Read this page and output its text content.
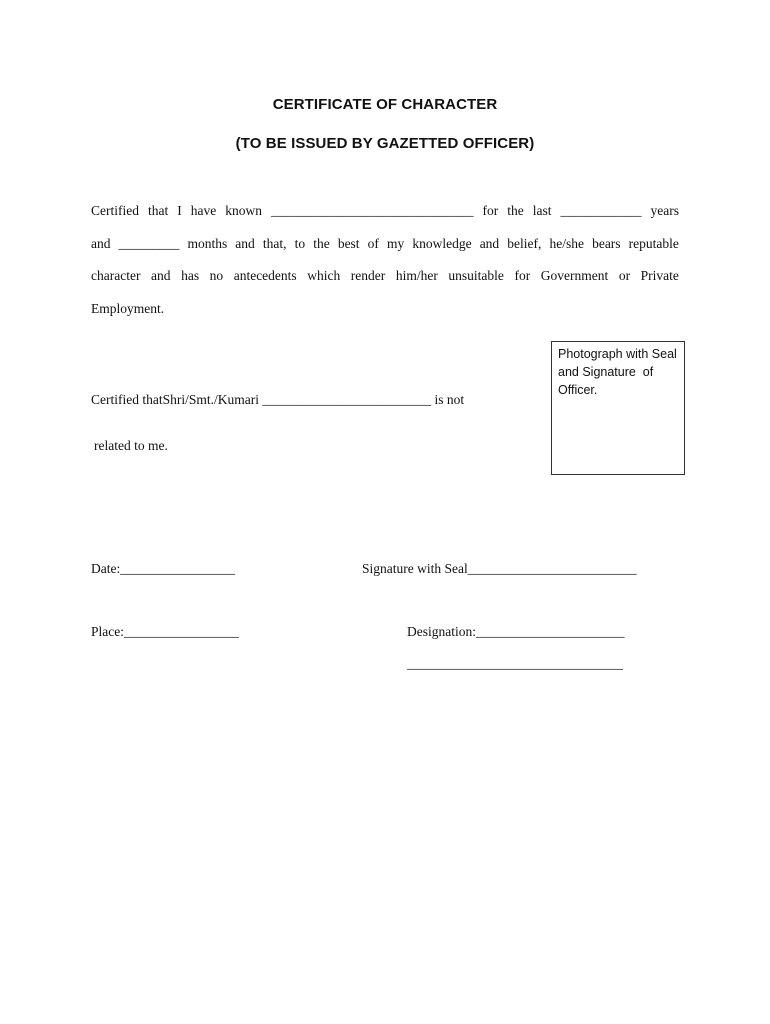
CERTIFICATE OF CHARACTER
(TO BE ISSUED BY GAZETTED OFFICER)
Certified that I have known ______________________________ for the last ____________ years
and _________ months and that, to the best of my knowledge and belief, he/she bears reputable
character and has no antecedents which render him/her unsuitable for Government or Private
Employment.
Photograph with Seal
and Signature  of
Officer.
Certified thatShri/Smt./Kumari _________________________ is not
related to me.
Date:_________________	Signature with Seal_________________________
Place:_________________	Designation:______________________
________________________________
